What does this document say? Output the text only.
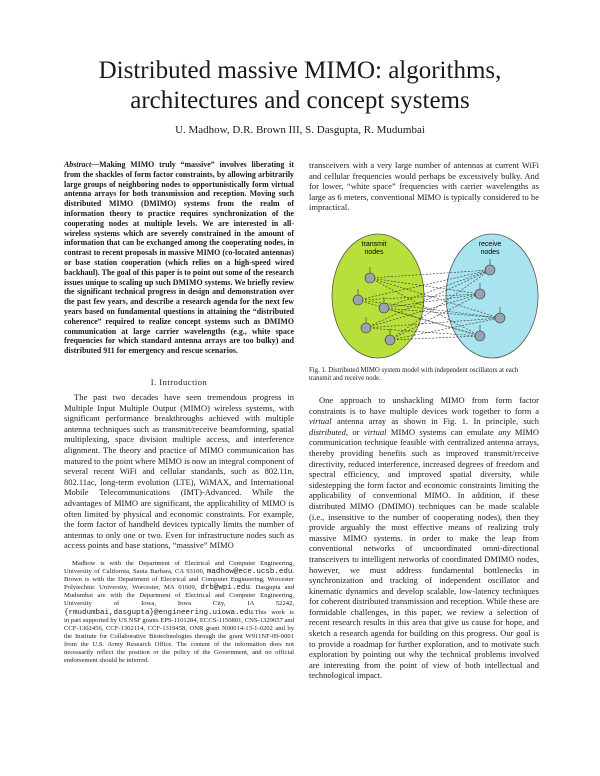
Distributed massive MIMO: algorithms,
architectures and concept systems
U. Madhow, D.R. Brown III, S. Dasgupta, R. Mudumbai
Abstract—Making MIMO truly “massive” involves liberating it from the shackles of form factor constraints, by allowing arbitrarily large groups of neighboring nodes to opportunistically form virtual antenna arrays for both transmission and reception. Moving such distributed MIMO (DMIMO) systems from the realm of information theory to practice requires synchronization of the cooperating nodes at multiple levels. We are interested in all-wireless systems which are severely constrained in the amount of information that can be exchanged among the cooperating nodes, in contrast to recent proposals in massive MIMO (co-located antennas) or base station cooperation (which relies on a high-speed wired backhaul). The goal of this paper is to point out some of the research issues unique to scaling up such DMIMO systems. We briefly review the significant technical progress in design and demonstration over the past few years, and describe a research agenda for the next few years based on fundamental questions in attaining the “distributed coherence” required to realize concept systems such as DMIMO communication at large carrier wavelengths (e.g., white space frequencies for which standard antenna arrays are too bulky) and distributed 911 for emergency and rescue scenarios.
I. Introduction
The past two decades have seen tremendous progress in Multiple Input Multiple Output (MIMO) wireless systems, with significant performance breakthroughs achieved with multiple antenna techniques such as transmit/receive beamforming, spatial multiplexing, space division multiple access, and interference alignment. The theory and practice of MIMO communication has matured to the point where MIMO is now an integral component of several recent WiFi and cellular standards, such as 802.11n, 802.11ac, long-term evolution (LTE), WiMAX, and International Mobile Telecommunications (IMT)-Advanced. While the advantages of MIMO are significant, the applicability of MIMO is often limited by physical and economic constraints. For example, the form factor of handheld devices typically limits the number of antennas to only one or two. Even for infrastructure nodes such as access points and base stations, “massive” MIMO
Madhow is with the Department of Electrical and Computer Engineering, University of California, Santa Barbara, CA 93106, madhow@ece.ucsb.edu. Brown is with the Department of Electrical and Computer Engineering, Worcester Polytechnic University, Worcester, MA 01609, drb@wpi.edu. Dasgupta and Mudumbai are with the Department of Electrical and Computer Engineering, University of Iowa, Iowa City, IA 52242, {rmudumbai,dasgupta}@engineering.uiowa.edu.This work is in part supported by US NSF grants EPS-1101284, ECCS-1150801, CNS-1329657 and CCF-1302456, CCF-1302114, CCF-1319458, ONR grant N00014-13-1-0202 and by the Institute for Collaborative Biotechnologies through the grant W911NF-09-0001 from the U.S. Army Research Office. The content of the information does not necessarily reflect the position or the policy of the Government, and no official endorsement should be inferred.
transceivers with a very large number of antennas at current WiFi and cellular frequencies would perhaps be excessively bulky. And for lower, “white space” frequencies with carrier wavelengths as large as 6 meters, conventional MIMO is typically considered to be impractical.
transmit
nodes
receive
nodes
Fig. 1. Distributed MIMO system model with independent oscillators at each transmit and receive node.
One approach to unshackling MIMO from form factor constraints is to have multiple devices work together to form a virtual antenna array as shown in Fig. 1. In principle, such distributed, or virtual MIMO systems can emulate any MIMO communication technique feasible with centralized antenna arrays, thereby providing benefits such as improved transmit/receive directivity, reduced interference, increased degrees of freedom and spectral efficiency, and improved spatial diversity, while sidestepping the form factor and economic constraints limiting the applicability of conventional MIMO. In addition, if these distributed MIMO (DMIMO) techniques can be made scalable (i.e., insensitive to the number of cooperating nodes), then they provide arguably the most effective means of realizing truly massive MIMO systems. in order to make the leap from conventional networks of uncoordinated omni-directional transceivers to intelligent networks of coordinated DMIMO nodes, however, we must address fundamental bottlenecks in synchronization and tracking of independent oscillator and kinematic dynamics and develop scalable, low-latency techniques for coherent distributed transmission and reception. While these are formidable challenges, in this paper, we review a selection of recent research results in this area that give us cause for hope, and sketch a research agenda for building on this progress. Our goal is to provide a roadmap for further exploration, and to motivate such exploration by pointing out why the technical problems involved are interesting from the point of view of both intellectual and technological impact.
